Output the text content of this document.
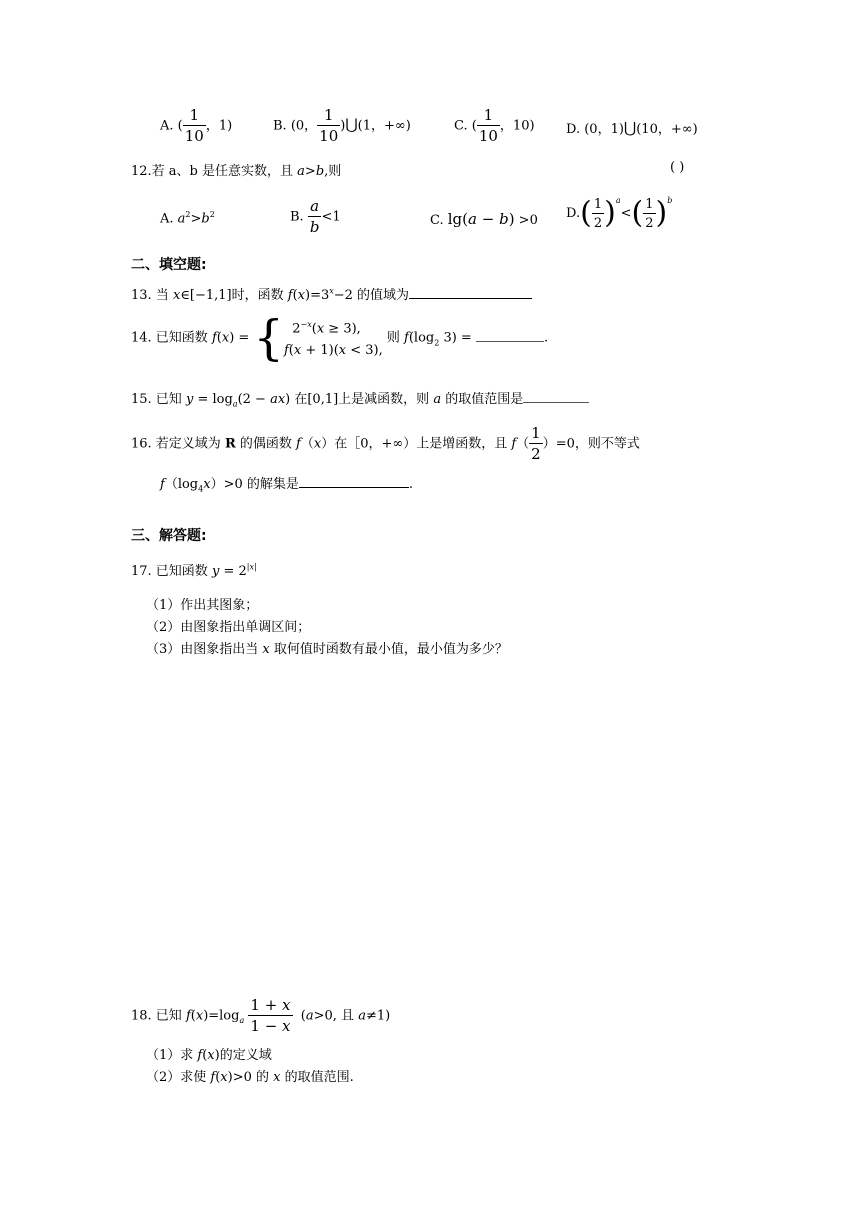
A. ( $\frac{1}{10}$ ，1)	B. (0， $\frac{1}{10}$ )⋃(1，+∞)	C. ( $\frac{1}{10}$ ，10) D. (0，1)⋃(10，+∞)
12.若 a、b 是任意实数，且 a>b,则	( )
A. $a^2>b^2$	B. $\frac{a}{b} <1$	C. lg(a − b) >0 $D.( \frac{1}{2} )^a<( \frac{1}{2} )^b$
二、填空题:
13. 当 x∈[−1,1]时，函数 $f(x)=3^x-2$ 的值域为
14. 已知函数 f(x) = { $2^{-x}(x \ge 3)$,
f(x + 1)(x < 3),
则 $f(\log_2$ 3) =	.
15. 已知 $y = \log_a(2 - ax)$ 在[0,1]上是减函数，则 a 的取值范围是
16. 若定义域为 R 的偶函数 f（x）在［0，+∞）上是增函数，且 $f( \frac{1}{2} )=0$，则不等式
$f(\log_4x)>0$ 的解集是	.
三、解答题:
17. 已知函数 $y = 2^{|x|}$
（1）作出其图象；
（2）由图象指出单调区间；
（3）由图象指出当 x 取何值时函数有最小值，最小值为多少？
18. 已知 $f(x)=\log_a \frac{1 + x}{1 - x} (a>0$, 且 a≠1)
（1）求 f(x)的定义域
（2）求使 f(x)>0 的 x 的取值范围.
